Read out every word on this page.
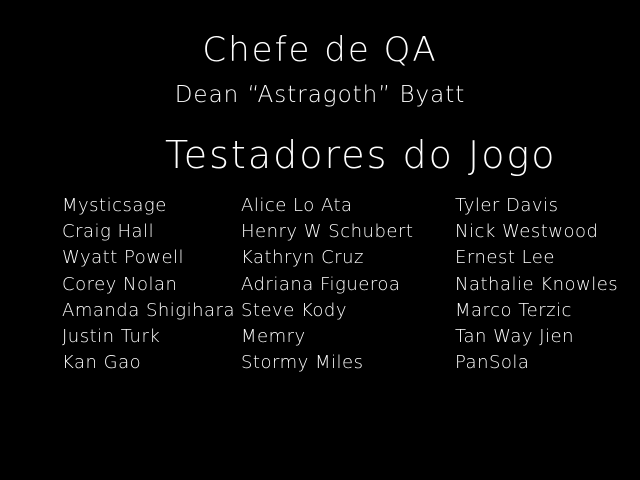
Chefe de QA
Dean “Astragoth” Byatt
Testadores do Jogo
Mysticsage
Craig Hall
Wyatt Powell
Corey Nolan
Amanda Shigihara
Justin Turk
Kan Gao
Alice Lo Ata
Henry W Schubert
Kathryn Cruz
Adriana Figueroa
Steve Kody
Memry
Stormy Miles
Tyler Davis
Nick Westwood
Ernest Lee
Nathalie Knowles
Marco Terzic
Tan Way Jien
PanSola
